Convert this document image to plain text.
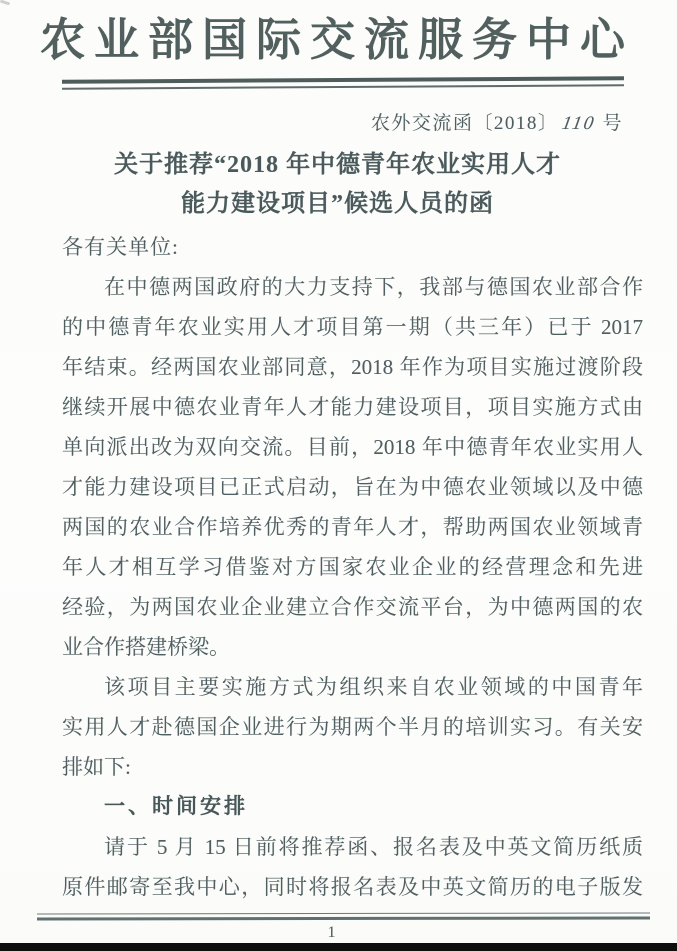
农业部国际交流服务中心
农外交流函〔2018〕 110 号
关于推荐“2018 年中德青年农业实用人才
能力建设项目”候选人员的函
各有关单位:
在中德两国政府的大力支持下，我部与德国农业部合作
的中德青年农业实用人才项目第一期（共三年）已于 2017
年结束。经两国农业部同意，2018 年作为项目实施过渡阶段
继续开展中德农业青年人才能力建设项目，项目实施方式由
单向派出改为双向交流。目前，2018 年中德青年农业实用人
才能力建设项目已正式启动，旨在为中德农业领域以及中德
两国的农业合作培养优秀的青年人才，帮助两国农业领域青
年人才相互学习借鉴对方国家农业企业的经营理念和先进
经验，为两国农业企业建立合作交流平台，为中德两国的农
业合作搭建桥梁。
该项目主要实施方式为组织来自农业领域的中国青年
实用人才赴德国企业进行为期两个半月的培训实习。有关安
排如下:
一、时间安排
请于 5 月 15 日前将推荐函、报名表及中英文简历纸质
原件邮寄至我中心，同时将报名表及中英文简历的电子版发
1
